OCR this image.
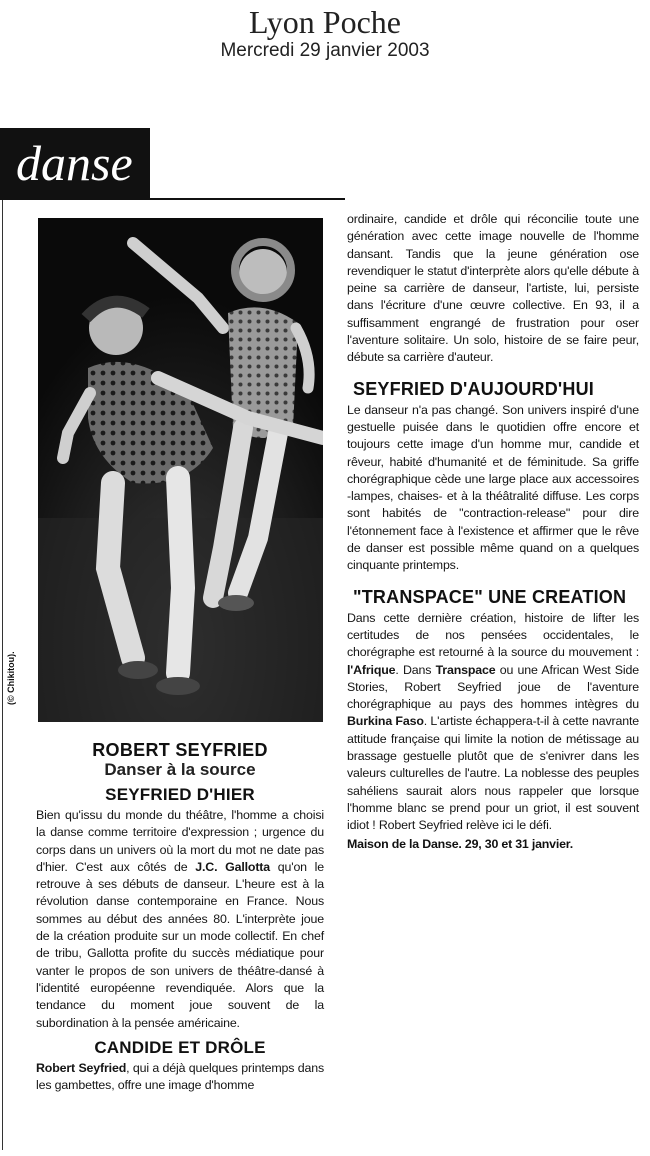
Lyon Poche
Mercredi 29 janvier 2003
danse
(© Chikitou).
ROBERT SEYFRIED
Danser à la source
SEYFRIED D'HIER
Bien qu'issu du monde du théâtre, l'homme a choisi la danse comme territoire d'expression ; urgence du corps dans un univers où la mort du mot ne date pas d'hier. C'est aux côtés de J.C. Gallotta qu'on le retrouve à ses débuts de danseur. L'heure est à la révolution danse contemporaine en France. Nous sommes au début des années 80. L'interprète joue de la création produite sur un mode collectif. En chef de tribu, Gallotta profite du succès médiatique pour vanter le propos de son univers de théâtre-dansé à l'identité européenne revendiquée. Alors que la tendance du moment joue souvent de la subordination à la pensée américaine.
CANDIDE ET DRÔLE
Robert Seyfried, qui a déjà quelques printemps dans les gambettes, offre une image d'homme
ordinaire, candide et drôle qui réconcilie toute une génération avec cette image nouvelle de l'homme dansant. Tandis que la jeune génération ose revendiquer le statut d'interprète alors qu'elle débute à peine sa carrière de danseur, l'artiste, lui, persiste dans l'écriture d'une œuvre collective. En 93, il a suffisamment engrangé de frustration pour oser l'aventure solitaire. Un solo, histoire de se faire peur, débute sa carrière d'auteur.
SEYFRIED D'AUJOURD'HUI
Le danseur n'a pas changé. Son univers inspiré d'une gestuelle puisée dans le quotidien offre encore et toujours cette image d'un homme mur, candide et rêveur, habité d'humanité et de féminitude. Sa griffe chorégraphique cède une large place aux accessoires -lampes, chaises- et à la théâtralité diffuse. Les corps sont habités de "contraction-release" pour dire l'étonnement face à l'existence et affirmer que le rêve de danser est possible même quand on a quelques cinquante printemps.
"TRANSPACE" UNE CREATION
Dans cette dernière création, histoire de lifter les certitudes de nos pensées occidentales, le chorégraphe est retourné à la source du mouvement : l'Afrique. Dans Transpace ou une African West Side Stories, Robert Seyfried joue de l'aventure chorégraphique au pays des hommes intègres du Burkina Faso. L'artiste échappera-t-il à cette navrante attitude française qui limite la notion de métissage au brassage gestuelle plutôt que de s'enivrer dans les valeurs culturelles de l'autre. La noblesse des peuples sahéliens saurait alors nous rappeler que lorsque l'homme blanc se prend pour un griot, il est souvent idiot ! Robert Seyfried relève ici le défi.
Maison de la Danse. 29, 30 et 31 janvier.
